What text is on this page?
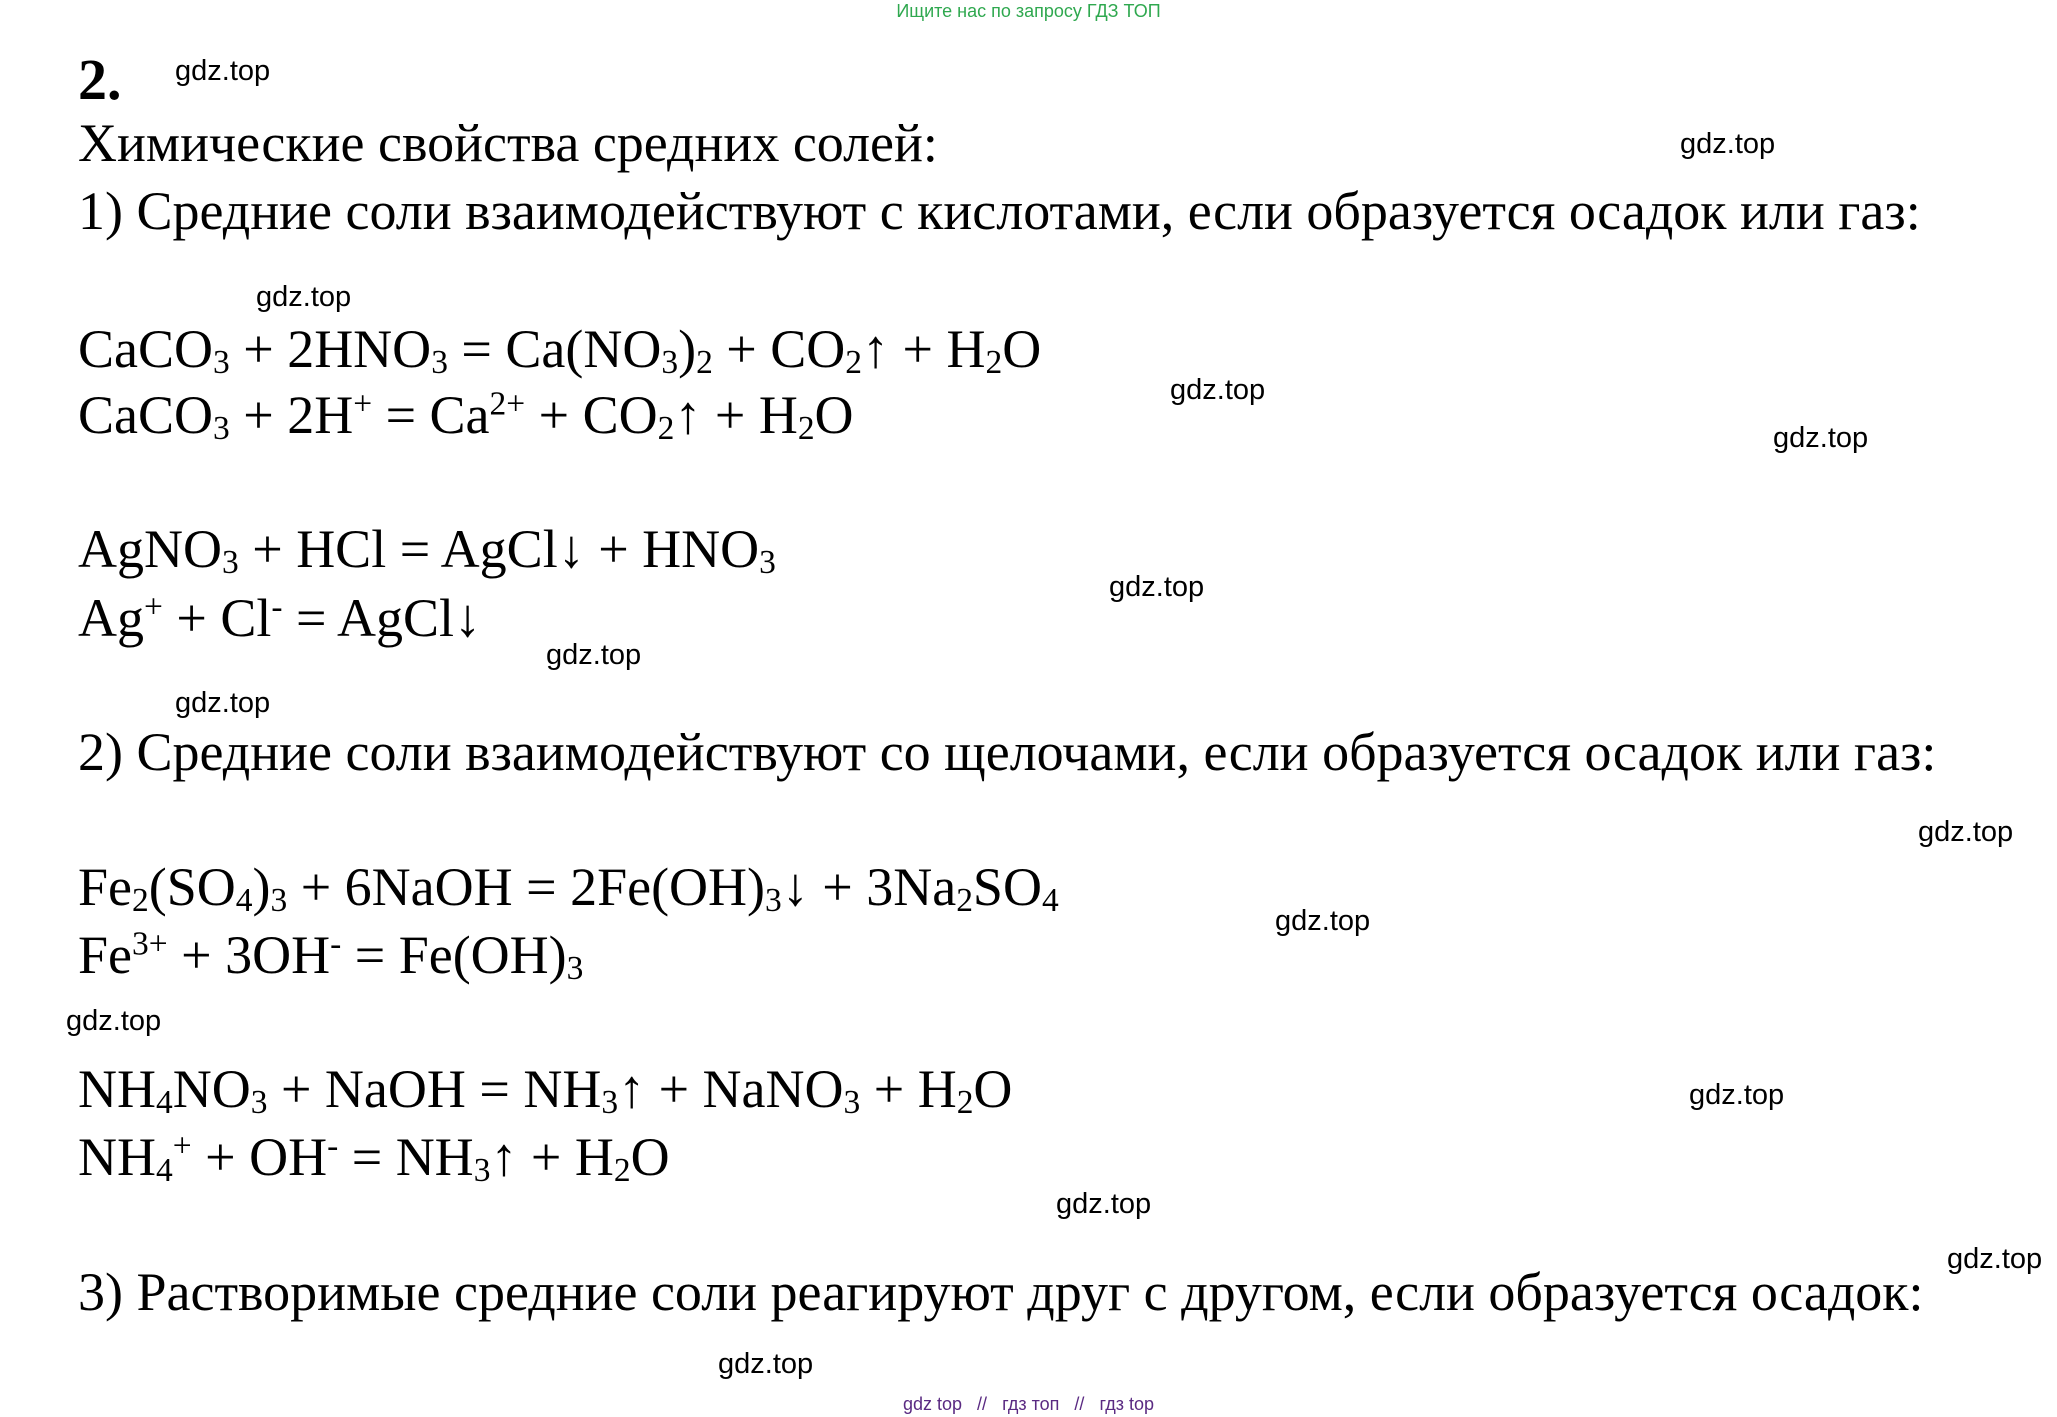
Ищите нас по запросу ГДЗ ТОП
2.
Химические свойства средних солей:
1) Средние соли взаимодействуют с кислотами, если образуется осадок или газ:
CaCO$_3$ + $2HNO_3 = Ca(NO_3)_2$ + $CO_2↑ + H_2O$
CaCO$_3$ + $2H^+ = Ca^{2+}$ + $CO_2↑ + H_2O$
AgNO$_3$ + HCl = AgCl↓ + $HNO_3$
Ag+ + Cl- = AgCl↓
2) Средние соли взаимодействуют со щелочами, если образуется осадок или газ:
$Fe_2(SO_4)_3$ + 6NaOH = $2Fe(OH)_3↓ + 3Na_2SO_4$
$Fe^{3+} + 3OH^- = Fe(OH)_3$
$NH_4NO_3$ + NaOH = $NH_3↑$ + NaNO$_3$ + $H_2O$
$NH_4^+ + OH^-$ = $NH_3↑ + H_2O$
3) Растворимые средние соли реагируют друг с другом, если образуется осадок:
gdz.top
gdz.top
gdz.top
gdz.top
gdz.top
gdz.top
gdz.top
gdz.top
gdz.top
gdz.top
gdz.top
gdz.top
gdz.top
gdz.top
gdz.top
gdz top // гдз топ // гдз top
